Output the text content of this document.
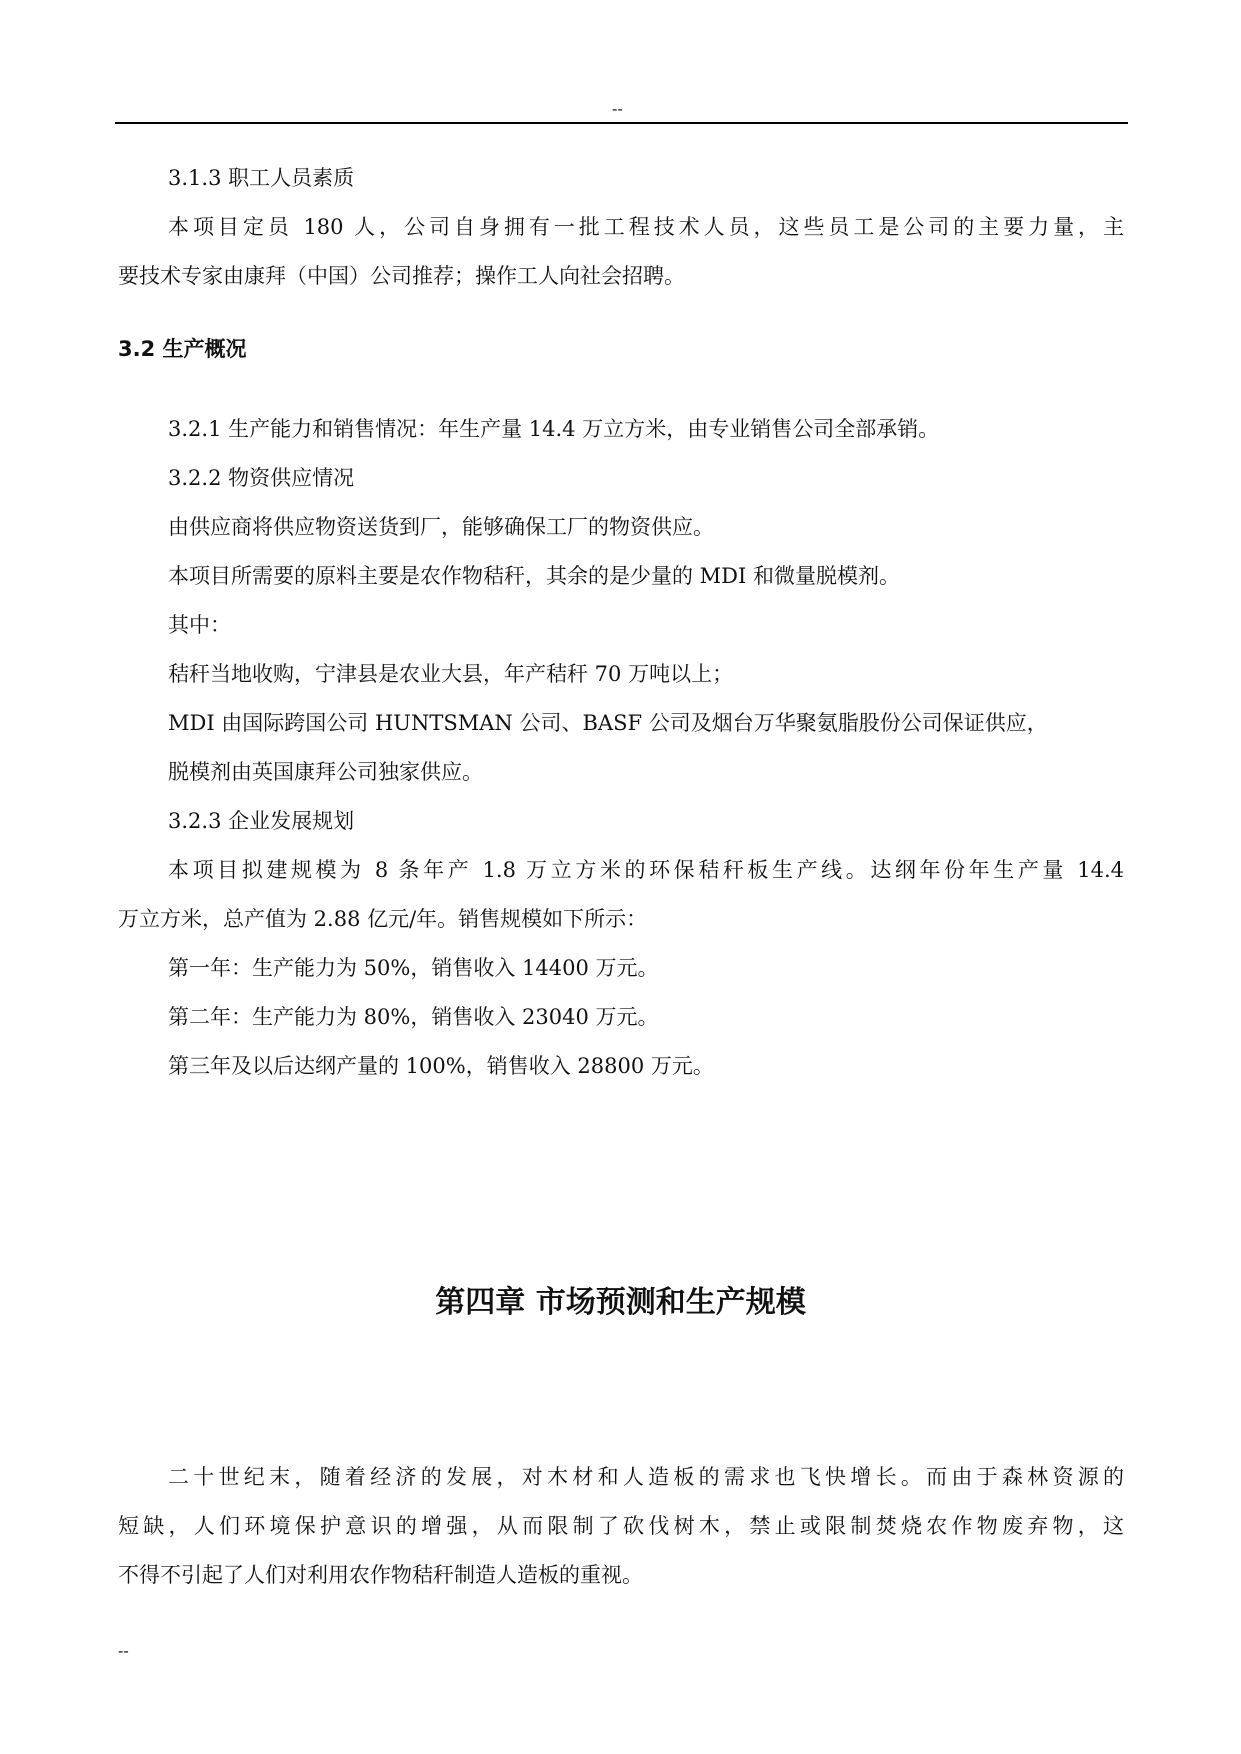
--
3.1.3 职工人员素质
本项目定员 180 人，公司自身拥有一批工程技术人员，这些员工是公司的主要力量，主
要技术专家由康拜（中国）公司推荐；操作工人向社会招聘。
3.2 生产概况
3.2.1 生产能力和销售情况：年生产量 14.4 万立方米，由专业销售公司全部承销。
3.2.2 物资供应情况
由供应商将供应物资送货到厂，能够确保工厂的物资供应。
本项目所需要的原料主要是农作物秸秆，其余的是少量的 MDI 和微量脱模剂。
其中：
秸秆当地收购，宁津县是农业大县，年产秸秆 70 万吨以上；
MDI 由国际跨国公司 HUNTSMAN 公司、BASF 公司及烟台万华聚氨脂股份公司保证供应，
脱模剂由英国康拜公司独家供应。
3.2.3 企业发展规划
本项目拟建规模为 8 条年产 1.8 万立方米的环保秸秆板生产线。达纲年份年生产量 14.4
万立方米，总产值为 2.88 亿元/年。销售规模如下所示：
第一年：生产能力为 50%，销售收入 14400 万元。
第二年：生产能力为 80%，销售收入 23040 万元。
第三年及以后达纲产量的 100%，销售收入 28800 万元。
第四章 市场预测和生产规模
二十世纪末，随着经济的发展，对木材和人造板的需求也飞快增长。而由于森林资源的
短缺，人们环境保护意识的增强，从而限制了砍伐树木，禁止或限制焚烧农作物废弃物，这
不得不引起了人们对利用农作物秸秆制造人造板的重视。
--
